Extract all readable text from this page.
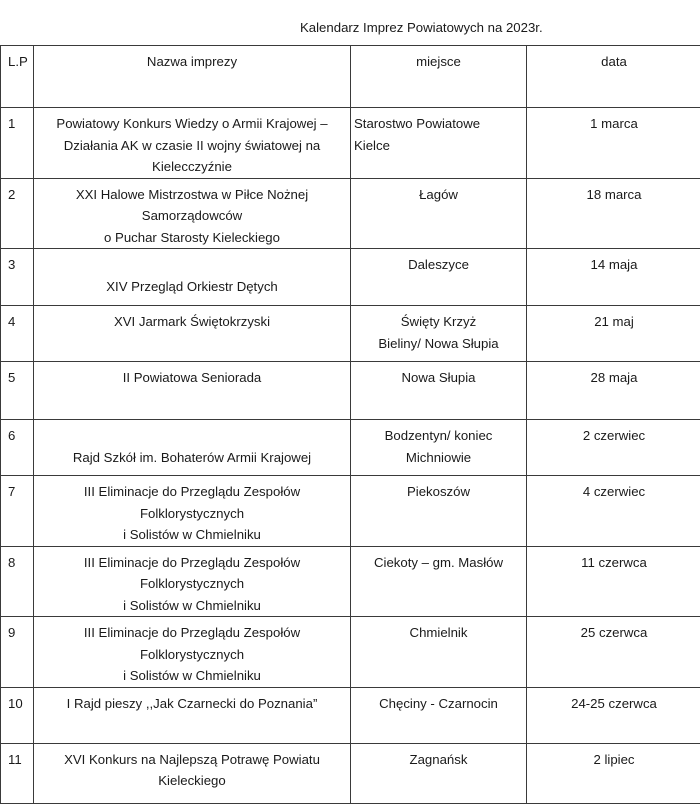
Kalendarz Imprez Powiatowych na 2023r.
L.P	Nazwa imprezy	miejsce	data
1	Powiatowy Konkurs Wiedzy o Armii Krajowej –
Działania AK w czasie II wojny światowej na
Kielecczyźnie	Starostwo Powiatowe
Kielce	1 marca
2	XXI Halowe Mistrzostwa w Piłce Nożnej
Samorządowców
o Puchar Starosty Kieleckiego	Łagów	18 marca
3	XIV Przegląd Orkiestr Dętych	Daleszyce	14 maja
4	XVI Jarmark Świętokrzyski	Święty Krzyż
Bieliny/ Nowa Słupia	21 maj
5	II Powiatowa Seniorada	Nowa Słupia	28 maja
6	Rajd Szkół im. Bohaterów Armii Krajowej	Bodzentyn/ koniec
Michniowie	2 czerwiec
7	III Eliminacje do Przeglądu Zespołów
Folklorystycznych
i Solistów w Chmielniku	Piekoszów	4 czerwiec
8	III Eliminacje do Przeglądu Zespołów
Folklorystycznych
i Solistów w Chmielniku	Ciekoty – gm. Masłów	11 czerwca
9	III Eliminacje do Przeglądu Zespołów
Folklorystycznych
i Solistów w Chmielniku	Chmielnik	25 czerwca
10	I Rajd pieszy ,,Jak Czarnecki do Poznania”	Chęciny - Czarnocin	24-25 czerwca
11	XVI Konkurs na Najlepszą Potrawę Powiatu
Kieleckiego	Zagnańsk	2 lipiec
